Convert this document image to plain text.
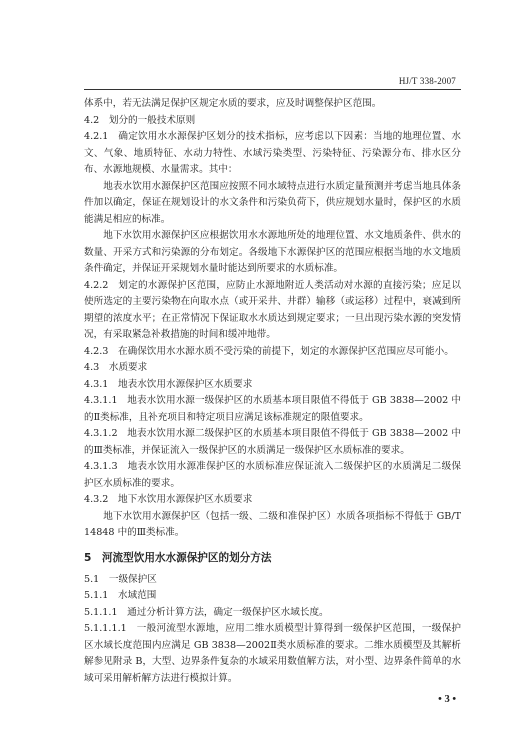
HJ/T 338-2007

体系中，若无法满足保护区规定水质的要求，应及时调整保护区范围。

4.2　划分的一般技术原则

4.2.1　确定饮用水水源保护区划分的技术指标，应考虑以下因素：当地的地理位置、水文、气象、地质特征、水动力特性、水域污染类型、污染特征、污染源分布、排水区分布、水源地规模、水量需求。其中：

地表水饮用水源保护区范围应按照不同水域特点进行水质定量预测并考虑当地具体条件加以确定，保证在规划设计的水文条件和污染负荷下，供应规划水量时，保护区的水质能满足相应的标准。

地下水饮用水源保护区应根据饮用水水源地所处的地理位置、水文地质条件、供水的数量、开采方式和污染源的分布划定。各级地下水源保护区的范围应根据当地的水文地质条件确定，并保证开采规划水量时能达到所要求的水质标准。

4.2.2　划定的水源保护区范围，应防止水源地附近人类活动对水源的直接污染；应足以使所选定的主要污染物在向取水点（或开采井、井群）输移（或运移）过程中，衰减到所期望的浓度水平；在正常情况下保证取水水质达到规定要求；一旦出现污染水源的突发情况，有采取紧急补救措施的时间和缓冲地带。

4.2.3　在确保饮用水水源水质不受污染的前提下，划定的水源保护区范围应尽可能小。

4.3　水质要求

4.3.1　地表水饮用水源保护区水质要求

4.3.1.1　地表水饮用水源一级保护区的水质基本项目限值不得低于 GB 3838—2002 中的Ⅱ类标准，且补充项目和特定项目应满足该标准规定的限值要求。

4.3.1.2　地表水饮用水源二级保护区的水质基本项目限值不得低于 GB 3838—2002 中的Ⅲ类标准，并保证流入一级保护区的水质满足一级保护区水质标准的要求。

4.3.1.3　地表水饮用水源准保护区的水质标准应保证流入二级保护区的水质满足二级保护区水质标准的要求。

4.3.2　地下水饮用水源保护区水质要求

地下水饮用水源保护区（包括一级、二级和准保护区）水质各项指标不得低于 GB/T 14848 中的Ⅲ类标准。

5　河流型饮用水水源保护区的划分方法

5.1　一级保护区

5.1.1　水域范围

5.1.1.1　通过分析计算方法，确定一级保护区水域长度。

5.1.1.1.1　一般河流型水源地，应用二维水质模型计算得到一级保护区范围，一级保护区水域长度范围内应满足 GB 3838—2002Ⅱ类水质标准的要求。二维水质模型及其解析解参见附录 B，大型、边界条件复杂的水域采用数值解方法，对小型、边界条件简单的水域可采用解析解方法进行模拟计算。

• 3 •
